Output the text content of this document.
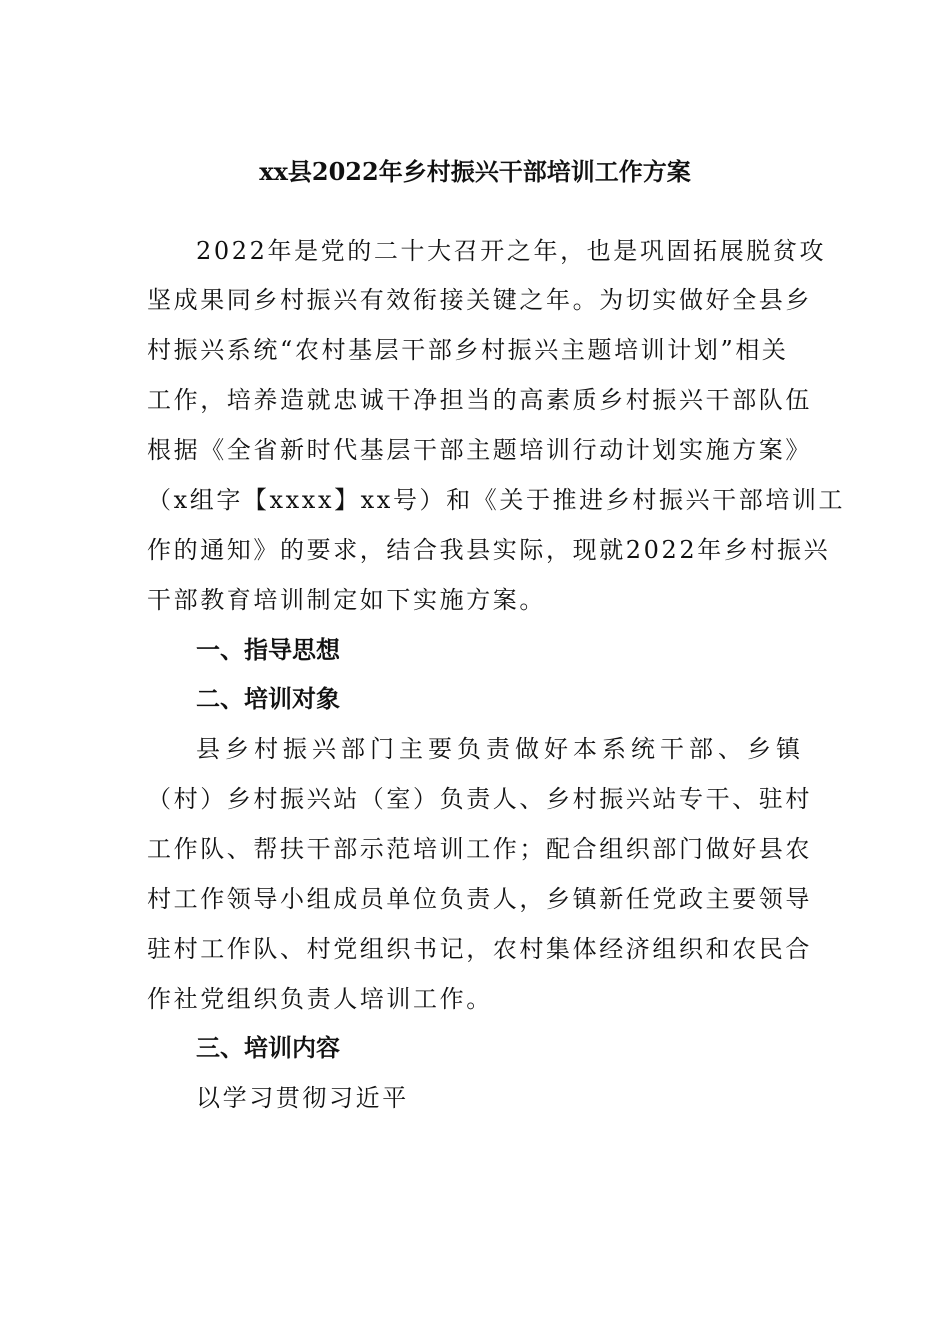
xx县2022年乡村振兴干部培训工作方案

2022年是党的二十大召开之年，也是巩固拓展脱贫攻

坚成果同乡村振兴有效衔接关键之年。为切实做好全县乡

村振兴系统“农村基层干部乡村振兴主题培训计划”相关

工作，培养造就忠诚干净担当的高素质乡村振兴干部队伍

根据《全省新时代基层干部主题培训行动计划实施方案》

（x组字【xxxx】xx号）和《关于推进乡村振兴干部培训工

作的通知》的要求，结合我县实际，现就2022年乡村振兴

干部教育培训制定如下实施方案。

一、指导思想
二、培训对象

县乡村振兴部门主要负责做好本系统干部、乡镇

（村）乡村振兴站（室）负责人、乡村振兴站专干、驻村

工作队、帮扶干部示范培训工作；配合组织部门做好县农

村工作领导小组成员单位负责人，乡镇新任党政主要领导

驻村工作队、村党组织书记，农村集体经济组织和农民合

作社党组织负责人培训工作。

三、培训内容

以学习贯彻习近平
